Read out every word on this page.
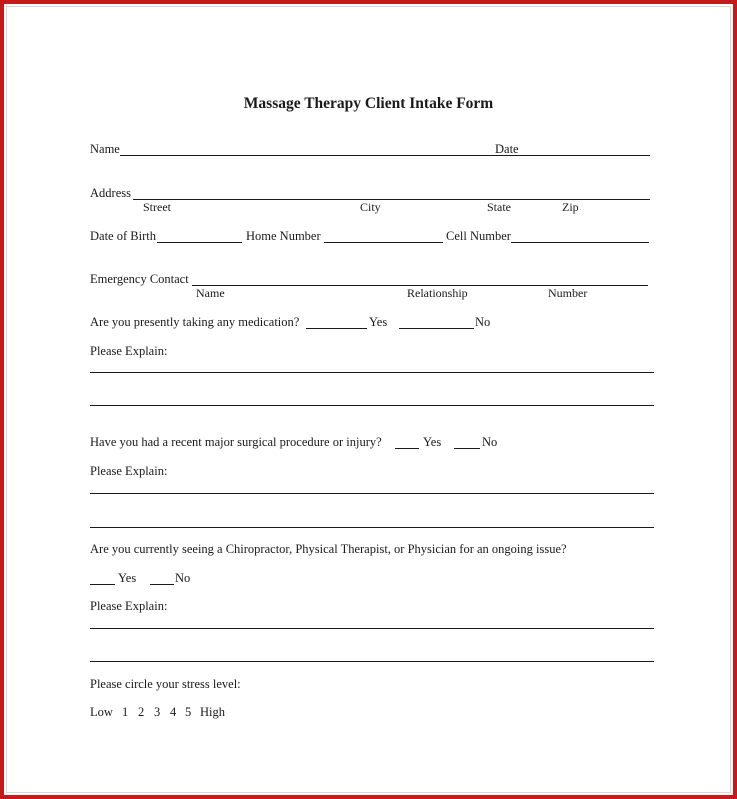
Massage Therapy Client Intake Form
Name	Date
Address
Street	City	State	Zip
Date of Birth	Home Number	Cell Number
Emergency Contact
Name	Relationship	Number
Are you presently taking any medication?	Yes	No
Please Explain:
Have you had a recent major surgical procedure or injury?	Yes	No
Please Explain:
Are you currently seeing a Chiropractor, Physical Therapist, or Physician for an ongoing issue?
Yes	No
Please Explain:
Please circle your stress level:
Low 1 2 3 4 5 High
